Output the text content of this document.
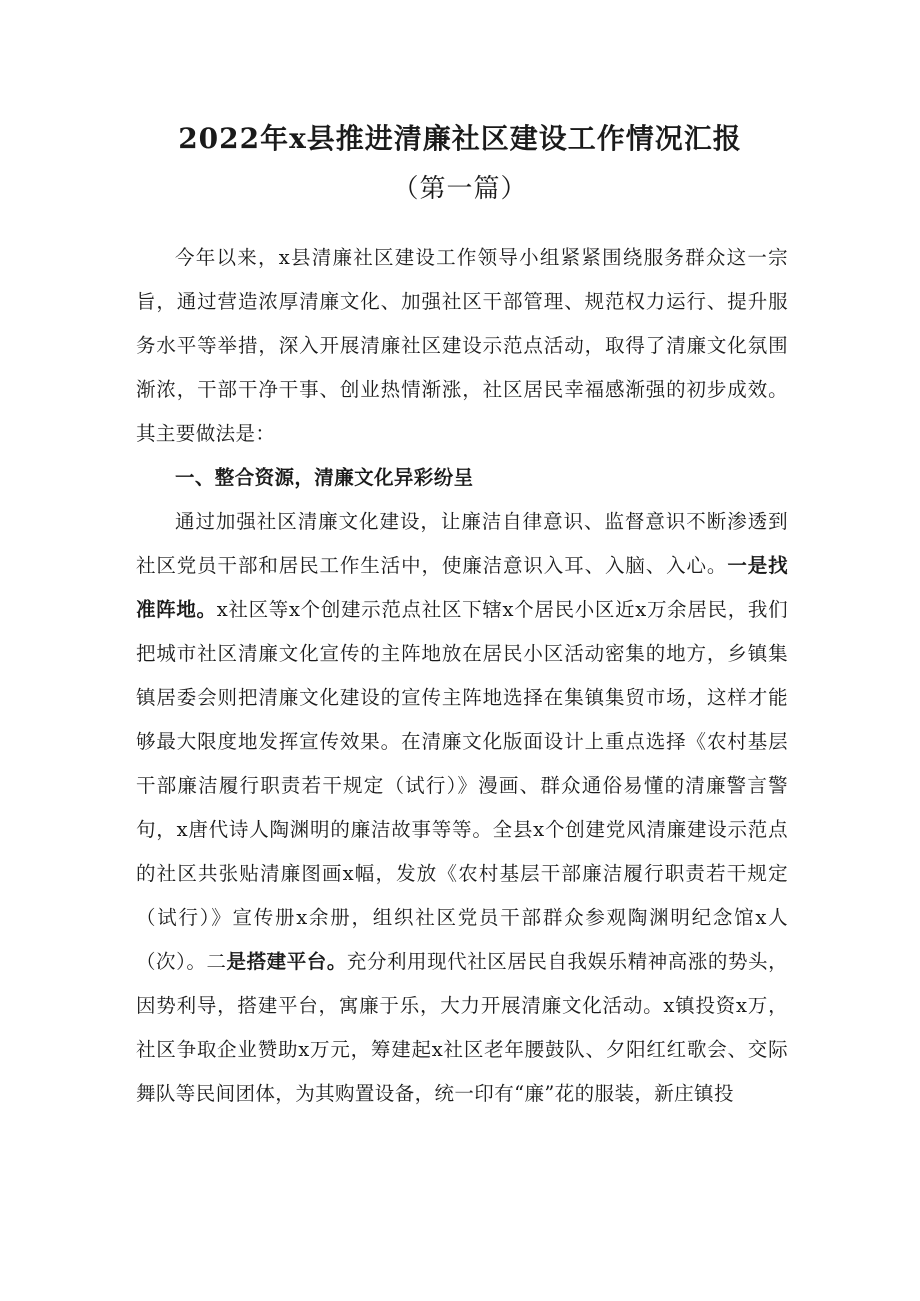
2022年x县推进清廉社区建设工作情况汇报
（第一篇）

今年以来，x县清廉社区建设工作领导小组紧紧围绕服务群众这一宗旨，通过营造浓厚清廉文化、加强社区干部管理、规范权力运行、提升服务水平等举措，深入开展清廉社区建设示范点活动，取得了清廉文化氛围渐浓，干部干净干事、创业热情渐涨，社区居民幸福感渐强的初步成效。其主要做法是：

一、整合资源，清廉文化异彩纷呈

通过加强社区清廉文化建设，让廉洁自律意识、监督意识不断渗透到社区党员干部和居民工作生活中，使廉洁意识入耳、入脑、入心。一是找准阵地。x社区等x个创建示范点社区下辖x个居民小区近x万余居民，我们把城市社区清廉文化宣传的主阵地放在居民小区活动密集的地方，乡镇集镇居委会则把清廉文化建设的宣传主阵地选择在集镇集贸市场，这样才能够最大限度地发挥宣传效果。在清廉文化版面设计上重点选择《农村基层干部廉洁履行职责若干规定（试行）》漫画、群众通俗易懂的清廉警言警句，x唐代诗人陶渊明的廉洁故事等等。全县x个创建党风清廉建设示范点的社区共张贴清廉图画x幅，发放《农村基层干部廉洁履行职责若干规定（试行）》宣传册x余册，组织社区党员干部群众参观陶渊明纪念馆x人（次）。二是搭建平台。充分利用现代社区居民自我娱乐精神高涨的势头，因势利导，搭建平台，寓廉于乐，大力开展清廉文化活动。x镇投资x万，社区争取企业赞助x万元，筹建起x社区老年腰鼓队、夕阳红红歌会、交际舞队等民间团体，为其购置设备，统一印有“廉”花的服装，新庄镇投
